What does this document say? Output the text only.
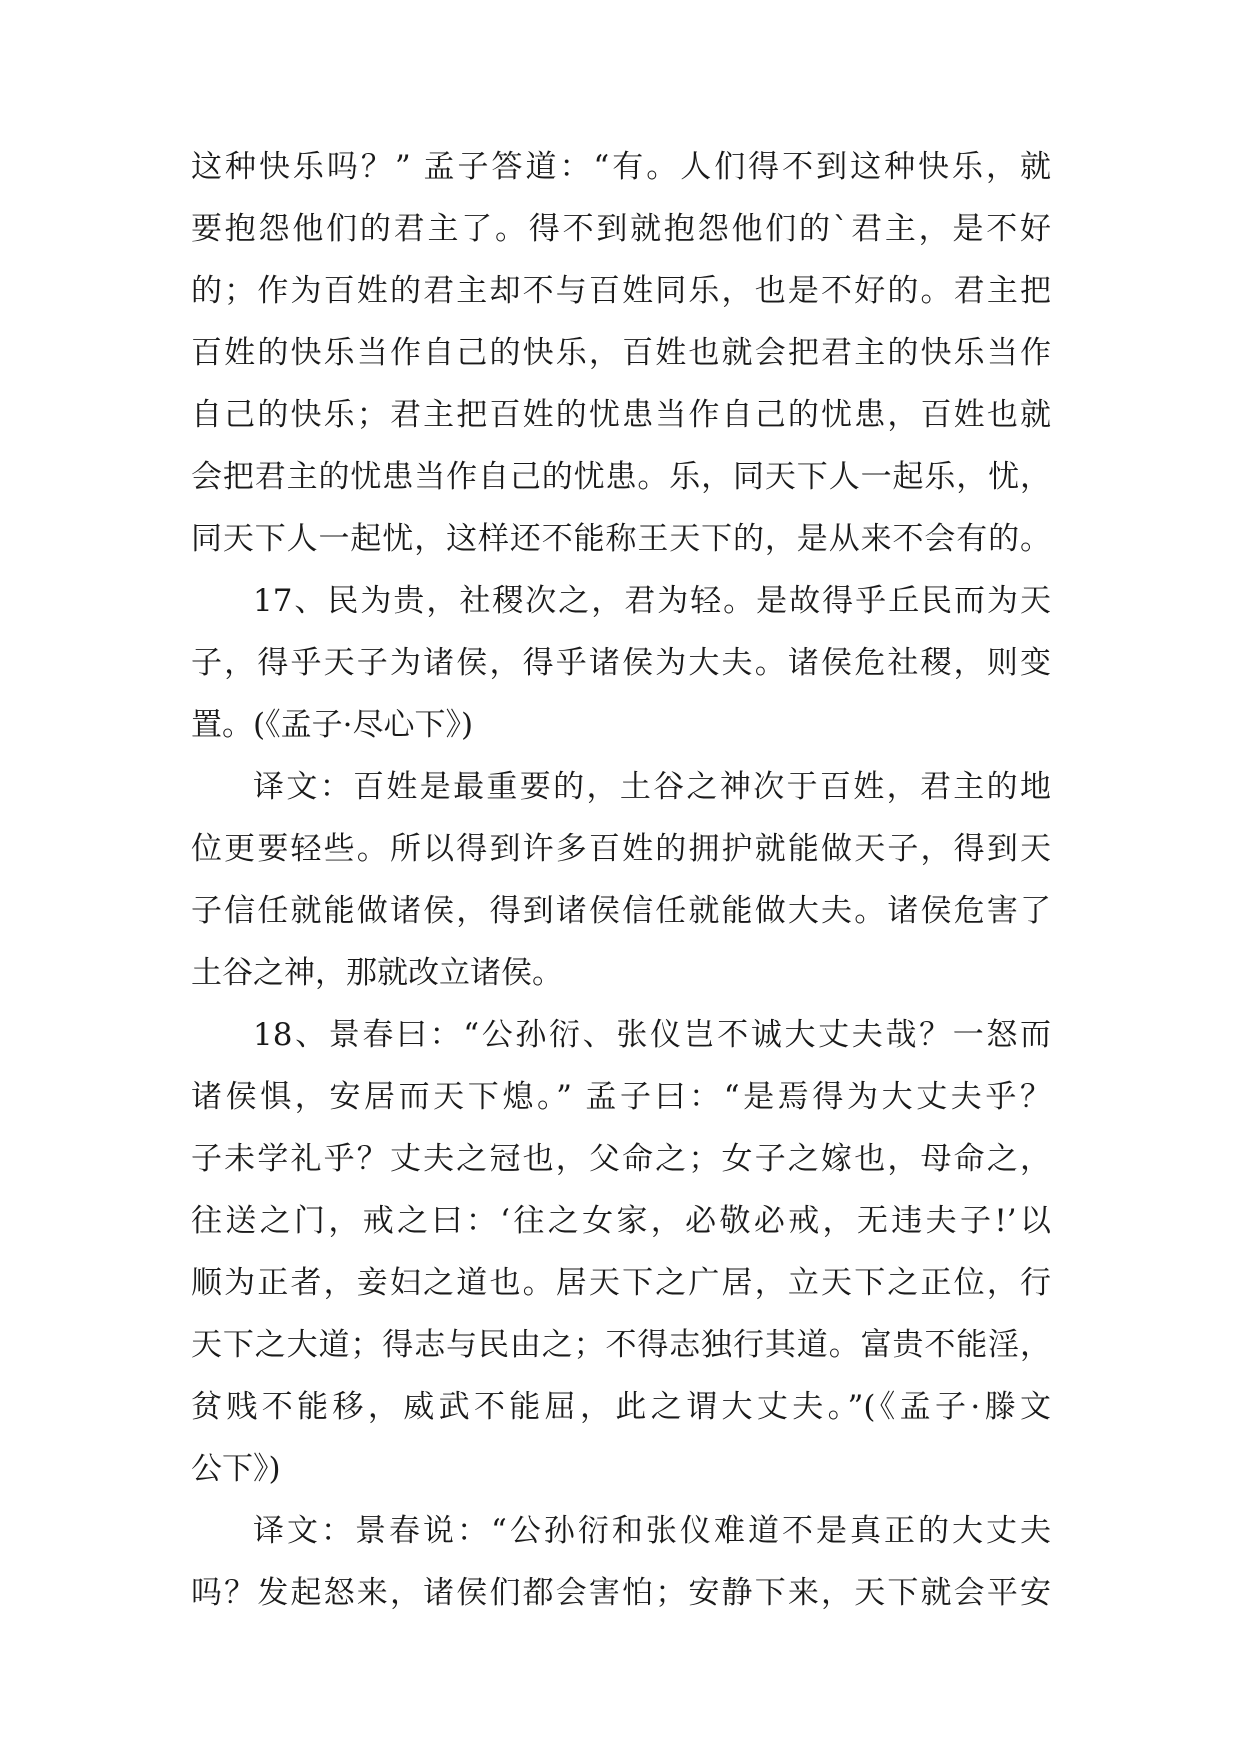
这种快乐吗？” 孟子答道：“有。人们得不到这种快乐，就
要抱怨他们的君主了。得不到就抱怨他们的`君主，是不好
的；作为百姓的君主却不与百姓同乐，也是不好的。君主把
百姓的快乐当作自己的快乐，百姓也就会把君主的快乐当作
自己的快乐；君主把百姓的忧患当作自己的忧患，百姓也就
会把君主的忧患当作自己的忧患。乐，同天下人一起乐，忧，
同天下人一起忧，这样还不能称王天下的，是从来不会有的。
17、民为贵，社稷次之，君为轻。是故得乎丘民而为天
子，得乎天子为诸侯，得乎诸侯为大夫。诸侯危社稷，则变
置。(《孟子·尽心下》)
译文：百姓是最重要的，土谷之神次于百姓，君主的地
位更要轻些。所以得到许多百姓的拥护就能做天子，得到天
子信任就能做诸侯，得到诸侯信任就能做大夫。诸侯危害了
土谷之神，那就改立诸侯。
18、景春曰：“公孙衍、张仪岂不诚大丈夫哉？一怒而
诸侯惧，安居而天下熄。” 孟子曰：“是焉得为大丈夫乎？
子未学礼乎？丈夫之冠也，父命之；女子之嫁也，母命之，
往送之门，戒之曰：‘往之女家，必敬必戒，无违夫子!’以
顺为正者，妾妇之道也。居天下之广居，立天下之正位，行
天下之大道；得志与民由之；不得志独行其道。富贵不能淫，
贫贱不能移，威武不能屈，此之谓大丈夫。”(《孟子·滕文
公下》)
译文：景春说：“公孙衍和张仪难道不是真正的大丈夫
吗？发起怒来，诸侯们都会害怕；安静下来，天下就会平安
